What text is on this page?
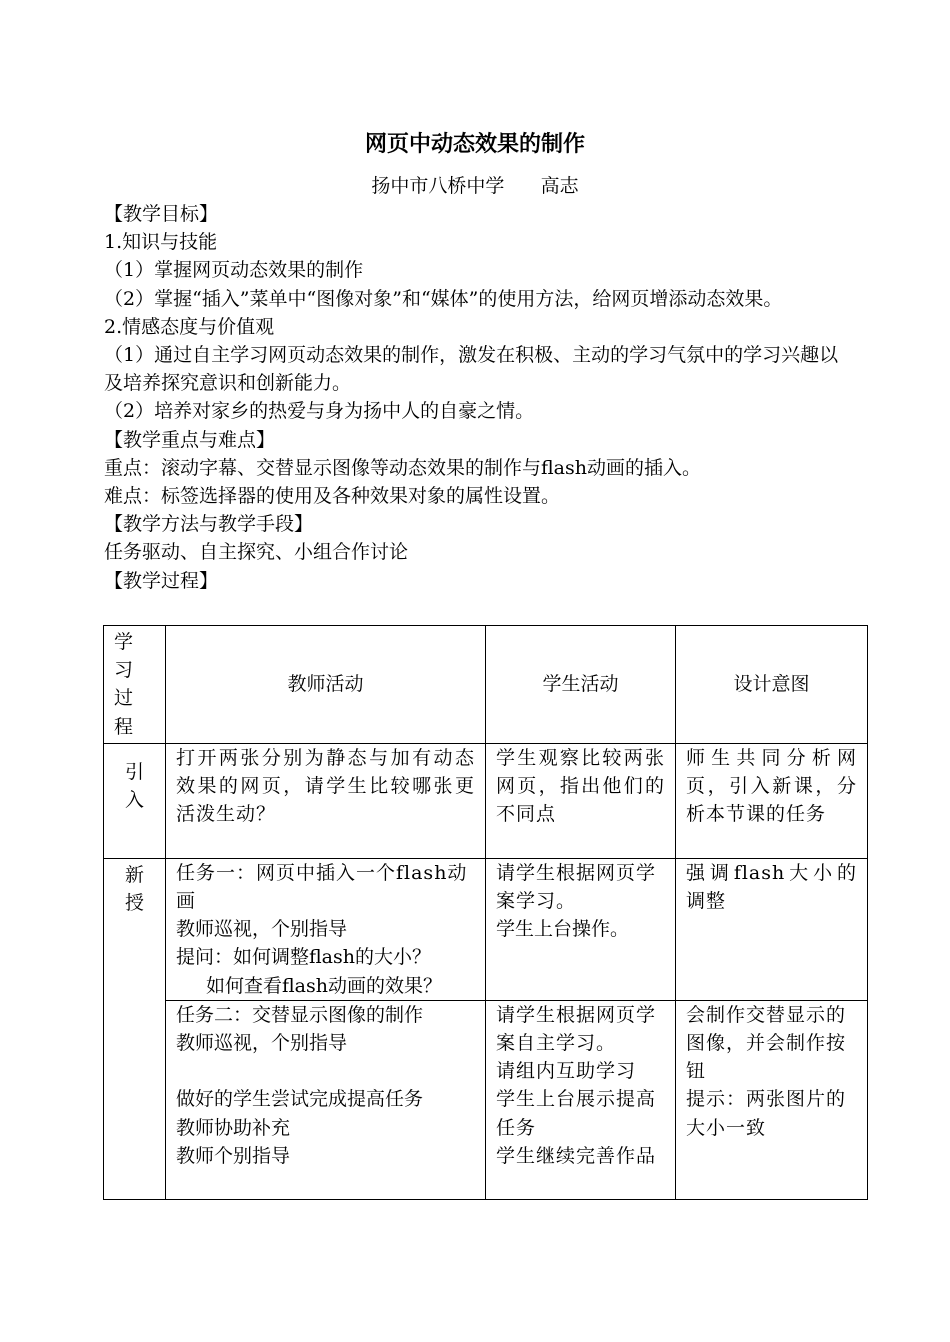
网页中动态效果的制作
扬中市八桥中学      高志

【教学目标】

1.知识与技能

（1）掌握网页动态效果的制作

（2）掌握“插入”菜单中“图像对象”和“媒体”的使用方法，给网页增添动态效果。

2.情感态度与价值观

（1）通过自主学习网页动态效果的制作，激发在积极、主动的学习气氛中的学习兴趣以及培养探究意识和创新能力。

（2）培养对家乡的热爱与身为扬中人的自豪之情。

【教学重点与难点】

重点：滚动字幕、交替显示图像等动态效果的制作与flash动画的插入。

难点：标签选择器的使用及各种效果对象的属性设置。

【教学方法与教学手段】

任务驱动、自主探究、小组合作讨论

【教学过程】

学习过程	教师活动	学生活动	设计意图

引入	打开两张分别为静态与加有动态效果的网页，请学生比较哪张更活泼生动？	学生观察比较两张网页，指出他们的不同点	师生共同分析网页，引入新课，分析本节课的任务

新授	任务一：网页中插入一个flash动画
教师巡视，个别指导
提问：如何调整flash的大小？
如何查看flash动画的效果？	请学生根据网页学案学习。
学生上台操作。	强调flash大小的调整

	任务二：交替显示图像的制作
教师巡视，个别指导
做好的学生尝试完成提高任务
教师协助补充
教师个别指导	请学生根据网页学案自主学习。
请组内互助学习
学生上台展示提高任务
学生继续完善作品	会制作交替显示的图像，并会制作按钮
提示：两张图片的大小一致
